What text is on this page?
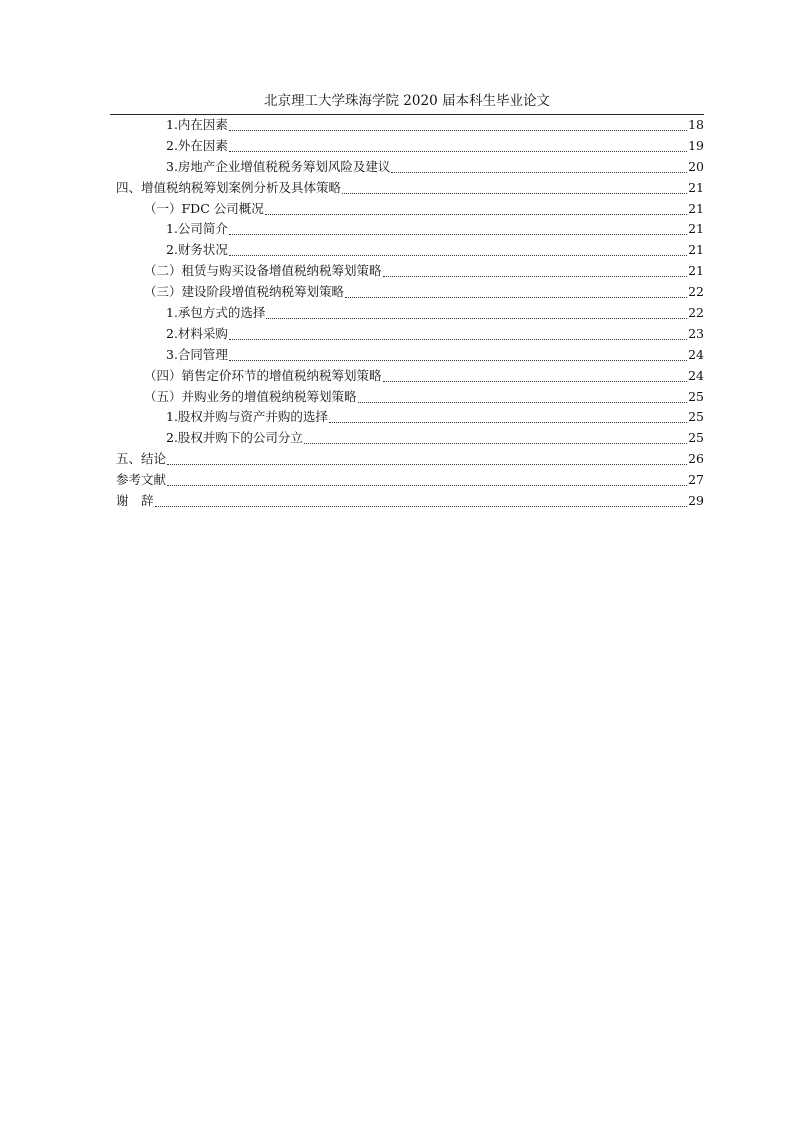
北京理工大学珠海学院 2020 届本科生毕业论文
1.内在因素	18
2.外在因素	19
3.房地产企业增值税税务筹划风险及建议	20
四、增值税纳税筹划案例分析及具体策略	21
（一）FDC 公司概况	21
1.公司简介	21
2.财务状况	21
（二）租赁与购买设备增值税纳税筹划策略	21
（三）建设阶段增值税纳税筹划策略	22
1.承包方式的选择	22
2.材料采购	23
3.合同管理	24
（四）销售定价环节的增值税纳税筹划策略	24
（五）并购业务的增值税纳税筹划策略	25
1.股权并购与资产并购的选择	25
2.股权并购下的公司分立	25
五、结论	26
参考文献	27
谢　辞	29
